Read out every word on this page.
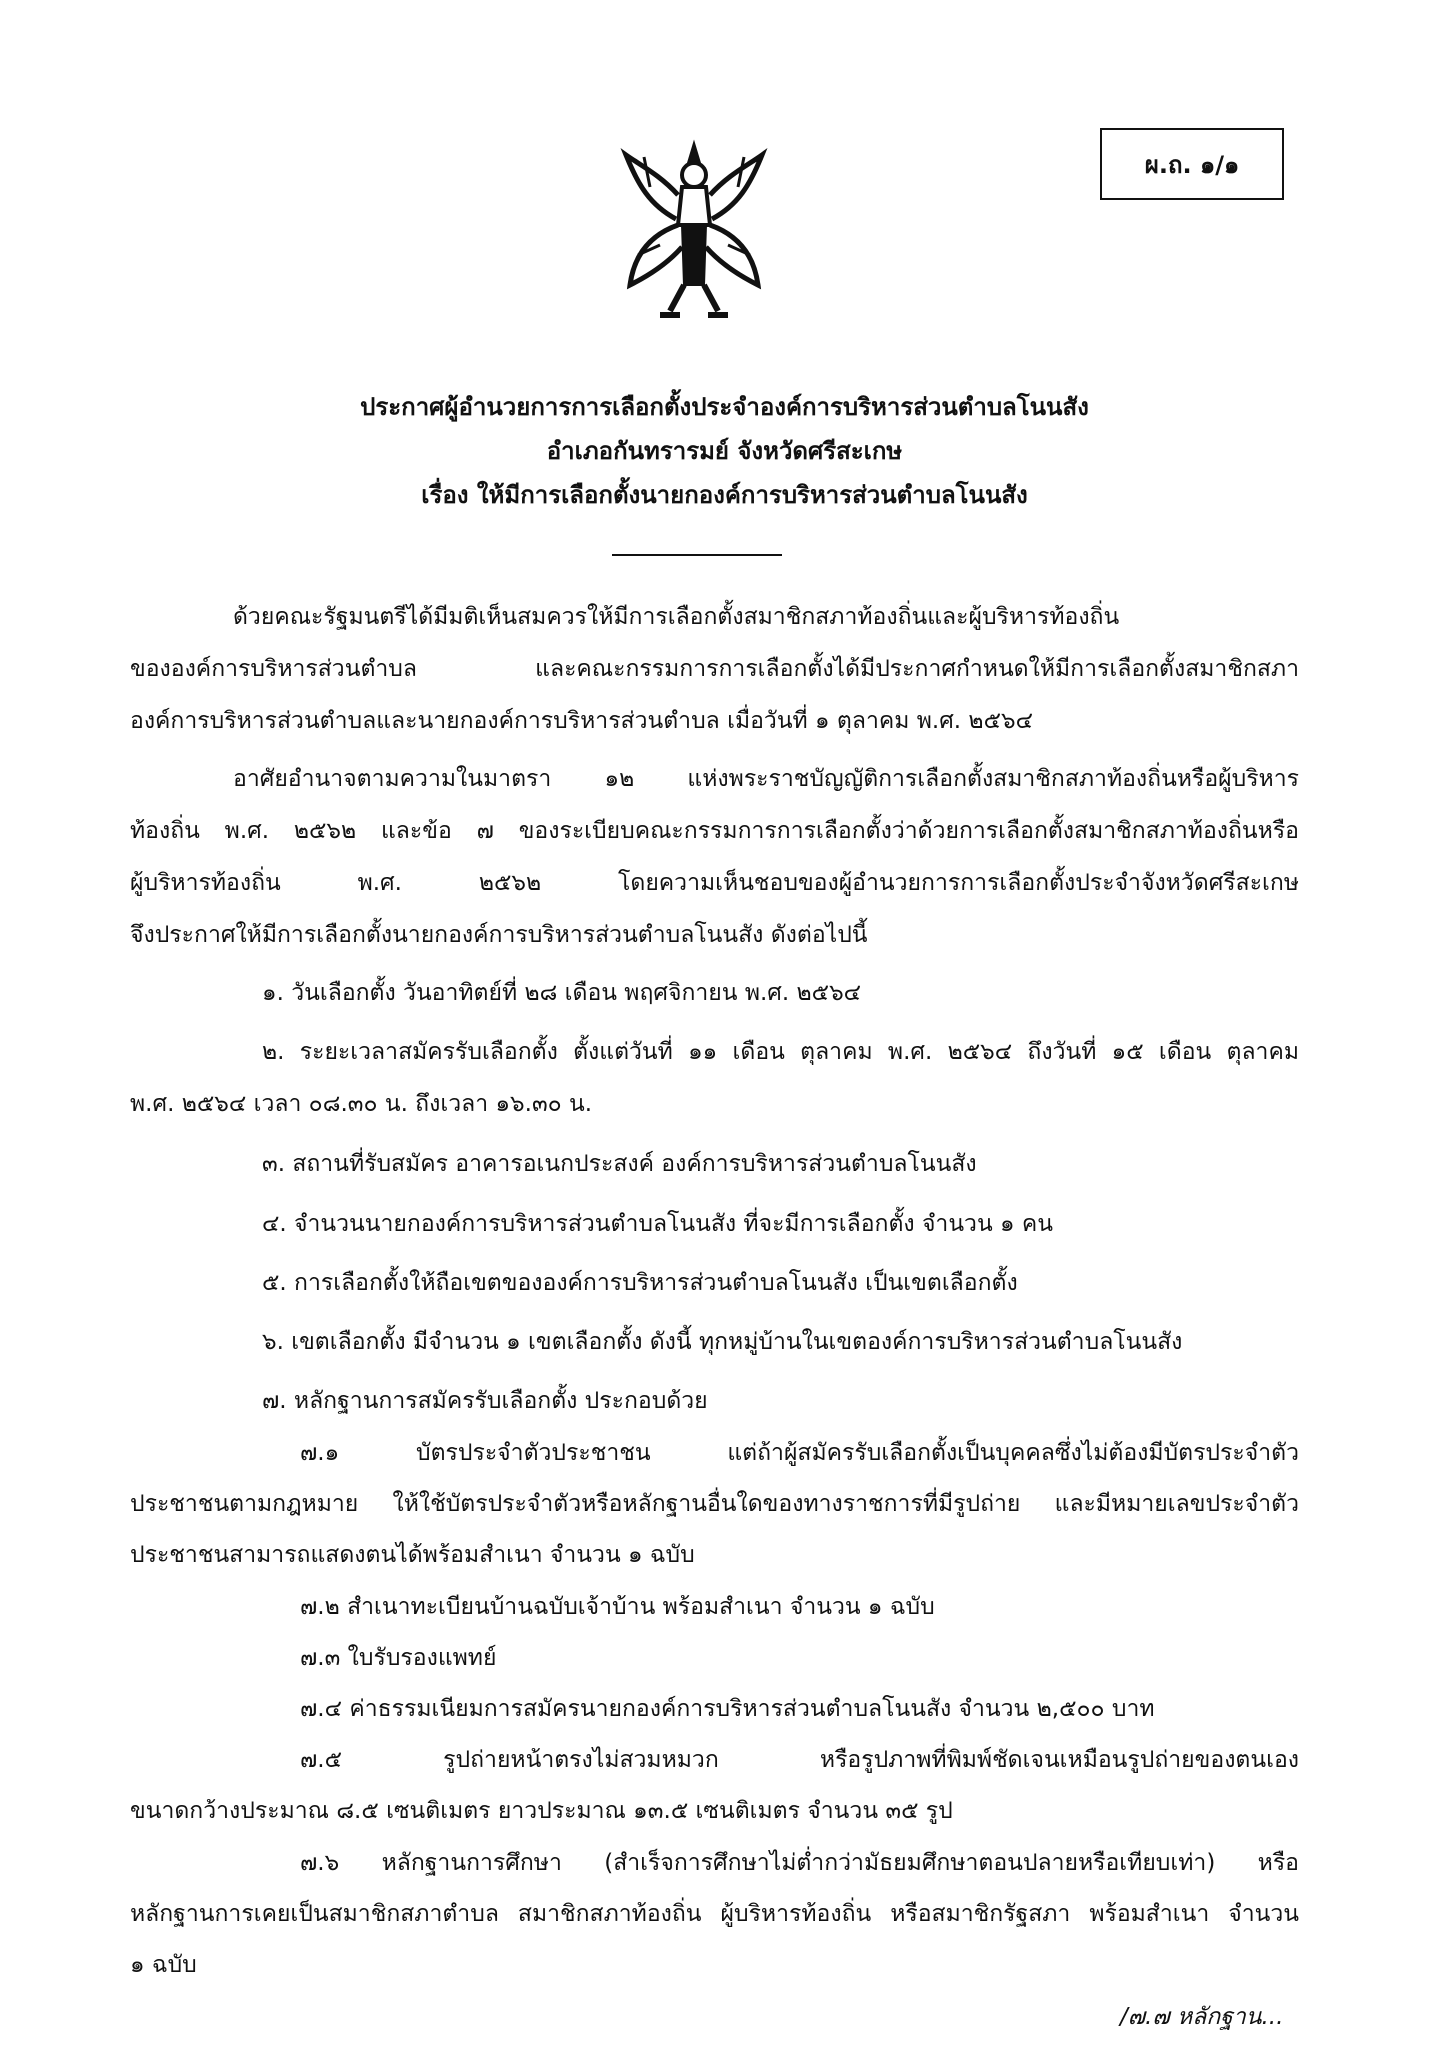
ผ.ถ. ๑/๑
ประกาศผู้อำนวยการการเลือกตั้งประจำองค์การบริหารส่วนตำบลโนนสัง
อำเภอกันทรารมย์ จังหวัดศรีสะเกษ
เรื่อง ให้มีการเลือกตั้งนายกองค์การบริหารส่วนตำบลโนนสัง
ด้วยคณะรัฐมนตรีได้มีมติเห็นสมควรให้มีการเลือกตั้งสมาชิกสภาท้องถิ่นและผู้บริหารท้องถิ่น
ขององค์การบริหารส่วนตำบล และคณะกรรมการการเลือกตั้งได้มีประกาศกำหนดให้มีการเลือกตั้งสมาชิกสภา
องค์การบริหารส่วนตำบลและนายกองค์การบริหารส่วนตำบล เมื่อวันที่ ๑ ตุลาคม พ.ศ. ๒๕๖๔
อาศัยอำนาจตามความในมาตรา ๑๒ แห่งพระราชบัญญัติการเลือกตั้งสมาชิกสภาท้องถิ่นหรือผู้บริหาร
ท้องถิ่น พ.ศ. ๒๕๖๒ และข้อ ๗ ของระเบียบคณะกรรมการการเลือกตั้งว่าด้วยการเลือกตั้งสมาชิกสภาท้องถิ่นหรือ
ผู้บริหารท้องถิ่น พ.ศ. ๒๕๖๒ โดยความเห็นชอบของผู้อำนวยการการเลือกตั้งประจำจังหวัดศรีสะเกษ
จึงประกาศให้มีการเลือกตั้งนายกองค์การบริหารส่วนตำบลโนนสัง ดังต่อไปนี้
๑. วันเลือกตั้ง วันอาทิตย์ที่ ๒๘ เดือน พฤศจิกายน พ.ศ. ๒๕๖๔
๒. ระยะเวลาสมัครรับเลือกตั้ง ตั้งแต่วันที่ ๑๑ เดือน ตุลาคม พ.ศ. ๒๕๖๔ ถึงวันที่ ๑๕ เดือน ตุลาคม
พ.ศ. ๒๕๖๔ เวลา ๐๘.๓๐ น. ถึงเวลา ๑๖.๓๐ น.
๓. สถานที่รับสมัคร อาคารอเนกประสงค์ องค์การบริหารส่วนตำบลโนนสัง
๔. จำนวนนายกองค์การบริหารส่วนตำบลโนนสัง ที่จะมีการเลือกตั้ง จำนวน ๑ คน
๕. การเลือกตั้งให้ถือเขตขององค์การบริหารส่วนตำบลโนนสัง เป็นเขตเลือกตั้ง
๖. เขตเลือกตั้ง มีจำนวน ๑ เขตเลือกตั้ง ดังนี้ ทุกหมู่บ้านในเขตองค์การบริหารส่วนตำบลโนนสัง
๗. หลักฐานการสมัครรับเลือกตั้ง ประกอบด้วย
๗.๑ บัตรประจำตัวประชาชน แต่ถ้าผู้สมัครรับเลือกตั้งเป็นบุคคลซึ่งไม่ต้องมีบัตรประจำตัว
ประชาชนตามกฎหมาย ให้ใช้บัตรประจำตัวหรือหลักฐานอื่นใดของทางราชการที่มีรูปถ่าย และมีหมายเลขประจำตัว
ประชาชนสามารถแสดงตนได้พร้อมสำเนา จำนวน ๑ ฉบับ
๗.๒ สำเนาทะเบียนบ้านฉบับเจ้าบ้าน พร้อมสำเนา จำนวน ๑ ฉบับ
๗.๓ ใบรับรองแพทย์
๗.๔ ค่าธรรมเนียมการสมัครนายกองค์การบริหารส่วนตำบลโนนสัง จำนวน ๒,๕๐๐ บาท
๗.๕ รูปถ่ายหน้าตรงไม่สวมหมวก หรือรูปภาพที่พิมพ์ชัดเจนเหมือนรูปถ่ายของตนเอง
ขนาดกว้างประมาณ ๘.๕ เซนติเมตร ยาวประมาณ ๑๓.๕ เซนติเมตร จำนวน ๓๕ รูป
๗.๖ หลักฐานการศึกษา (สำเร็จการศึกษาไม่ต่ำกว่ามัธยมศึกษาตอนปลายหรือเทียบเท่า) หรือ
หลักฐานการเคยเป็นสมาชิกสภาตำบล สมาชิกสภาท้องถิ่น ผู้บริหารท้องถิ่น หรือสมาชิกรัฐสภา พร้อมสำเนา จำนวน
๑ ฉบับ
/๗.๗ หลักฐาน...
